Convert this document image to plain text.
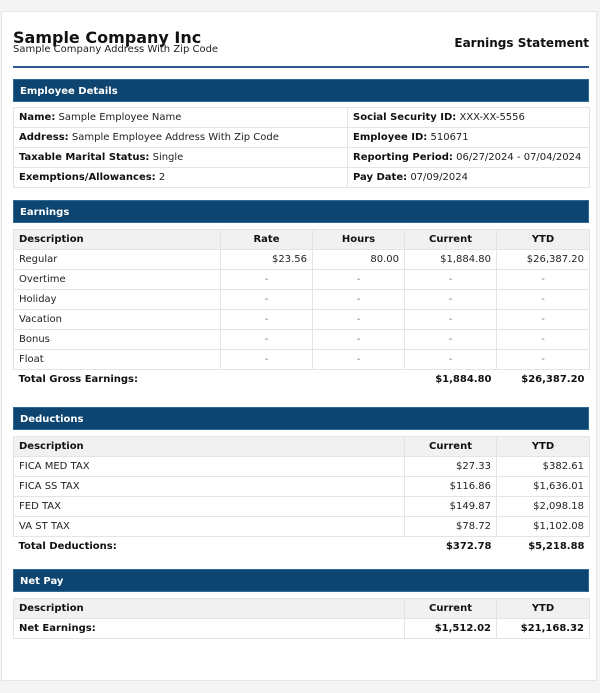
Sample Company Inc
Sample Company Address With Zip Code	Earnings Statement
Employee Details
Name: Sample Employee Name	Social Security ID: XXX-XX-5556
Address: Sample Employee Address With Zip Code	Employee ID: 510671
Taxable Marital Status: Single	Reporting Period: 06/27/2024 - 07/04/2024
Exemptions/Allowances: 2	Pay Date: 07/09/2024
Earnings
Description	Rate	Hours	Current	YTD
Regular	$23.56	80.00	$1,884.80	$26,387.20
Overtime	-	-	-	-
Holiday	-	-	-	-
Vacation	-	-	-	-
Bonus	-	-	-	-
Float	-	-	-	-
Total Gross Earnings:			$1,884.80	$26,387.20
Deductions
Description	Current	YTD
FICA MED TAX	$27.33	$382.61
FICA SS TAX	$116.86	$1,636.01
FED TAX	$149.87	$2,098.18
VA ST TAX	$78.72	$1,102.08
Total Deductions:	$372.78	$5,218.88
Net Pay
Description	Current	YTD
Net Earnings:	$1,512.02	$21,168.32
